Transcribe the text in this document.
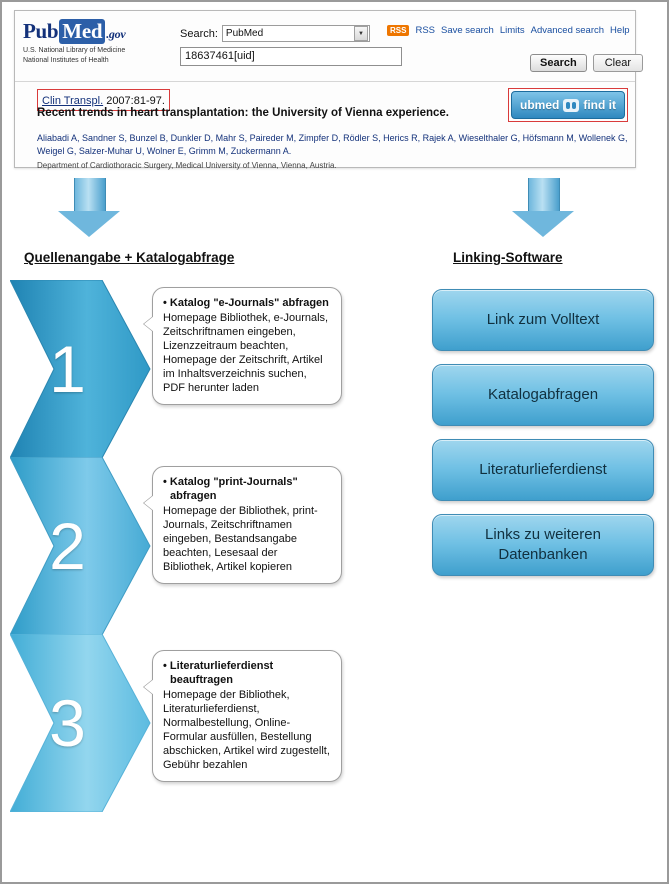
Pub Med .gov
U.S. National Library of Medicine
National Institutes of Health
Search: PubMed	▼
18637461[uid]
RSS RSS Save search Limits Advanced search Help
Search	Clear
Clin Transpl. 2007:81-97.	ubmed find it
Recent trends in heart transplantation: the University of Vienna experience.
Aliabadi A, Sandner S, Bunzel B, Dunkler D, Mahr S, Paireder M, Zimpfer D, Rödler S, Herics R, Rajek A, Wieselthaler G, Höfsmann M, Wollenek G, Weigel G, Salzer-Muhar U, Wolner E, Grimm M, Zuckermann A.
Department of Cardiothoracic Surgery, Medical University of Vienna, Vienna, Austria.
Quellenangabe + Katalogabfrage	Linking-Software
1
• Katalog "e-Journals" abfragen
Homepage Bibliothek, e-Journals, Zeitschriftnamen eingeben, Lizenzzeitraum beachten, Homepage der Zeitschrift, Artikel im Inhaltsverzeichnis suchen, PDF herunter laden
2
• Katalog "print-Journals" abfragen
Homepage der Bibliothek, print-Journals, Zeitschriftnamen eingeben, Bestandsangabe beachten, Lesesaal der Bibliothek, Artikel kopieren
3
• Literaturlieferdienst beauftragen
Homepage der Bibliothek, Literaturlieferdienst, Normalbestellung, Online-Formular ausfüllen, Bestellung abschicken, Artikel wird zugestellt, Gebühr bezahlen
Link zum Volltext
Katalogabfragen
Literaturlieferdienst
Links zu weiteren Datenbanken
